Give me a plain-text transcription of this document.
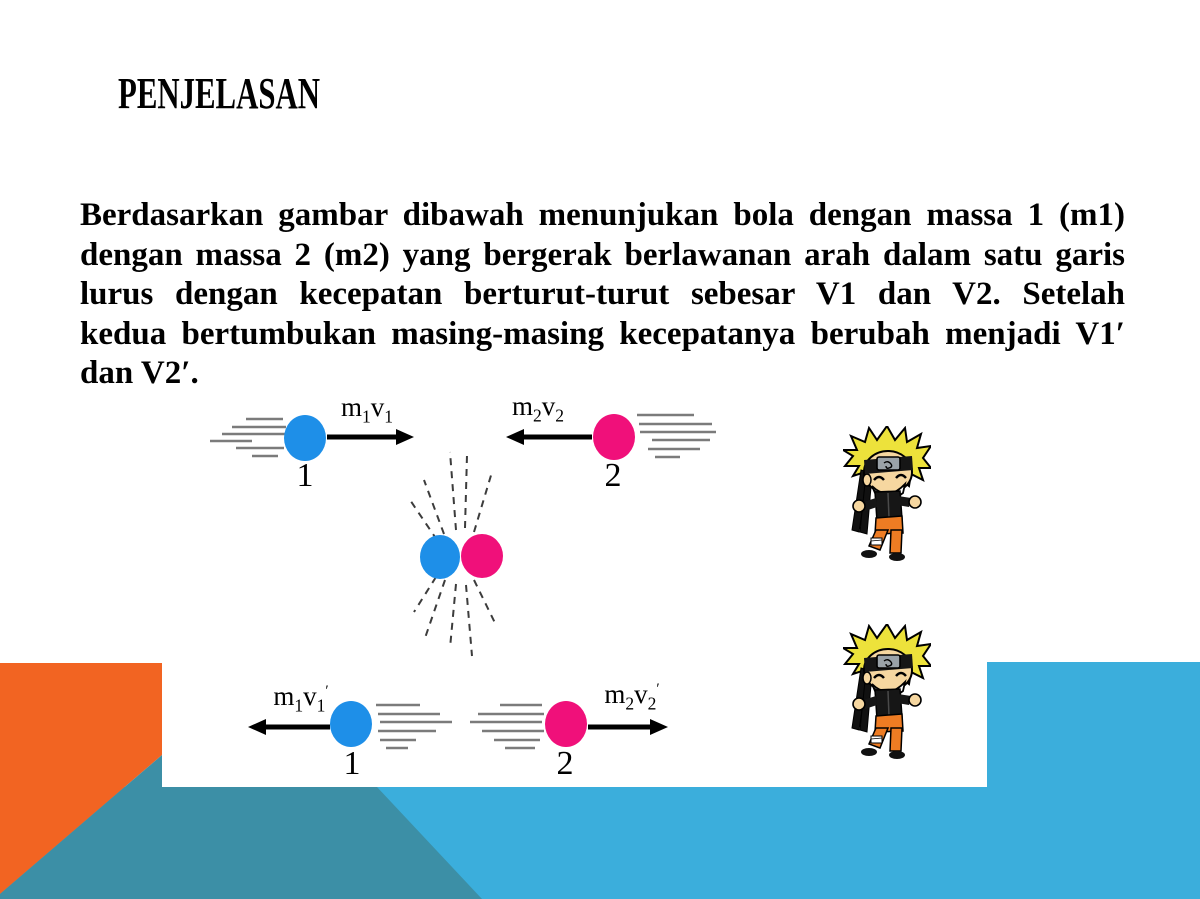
PENJELASAN
Berdasarkan gambar dibawah menunjukan bola dengan massa 1 (m1)
dengan massa 2 (m2) yang bergerak berlawanan arah dalam satu garis
lurus dengan kecepatan berturut-turut sebesar V1 dan V2. Setelah
kedua bertumbukan masing-masing kecepatanya berubah menjadi V1′
dan V2′.
$m_1v_1$	$m_2v_2$
$m_1v_1'$	$m_2v_2'$
1	2
1	2
